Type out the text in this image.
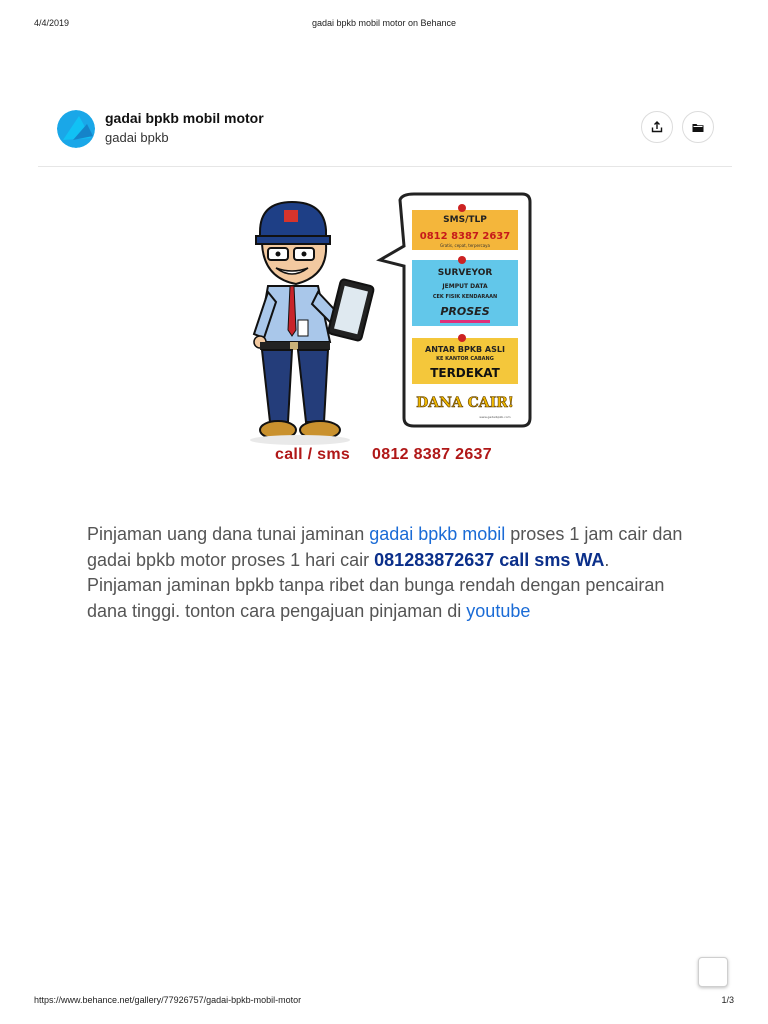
4/4/2019	gadai bpkb mobil motor on Behance
gadai bpkb mobil motor
gadai bpkb
SMS/TLP
0812 8387 2637
Gratis, cepat, terpercaya
SURVEYOR
JEMPUT DATA
CEK FISIK KENDARAAN
PROSES
ANTAR BPKB ASLI
KE KANTOR CABANG
TERDEKAT
DANA CAIR!
www.gadaibpkb.com
call / sms 0812 8387 2637

Pinjaman uang dana tunai jaminan gadai bpkb mobil proses 1 jam cair dan gadai bpkb motor proses 1 hari cair 081283872637 call sms WA.

Pinjaman jaminan bpkb tanpa ribet dan bunga rendah dengan pencairan dana tinggi. tonton cara pengajuan pinjaman di youtube

https://www.behance.net/gallery/77926757/gadai-bpkb-mobil-motor	1/3
